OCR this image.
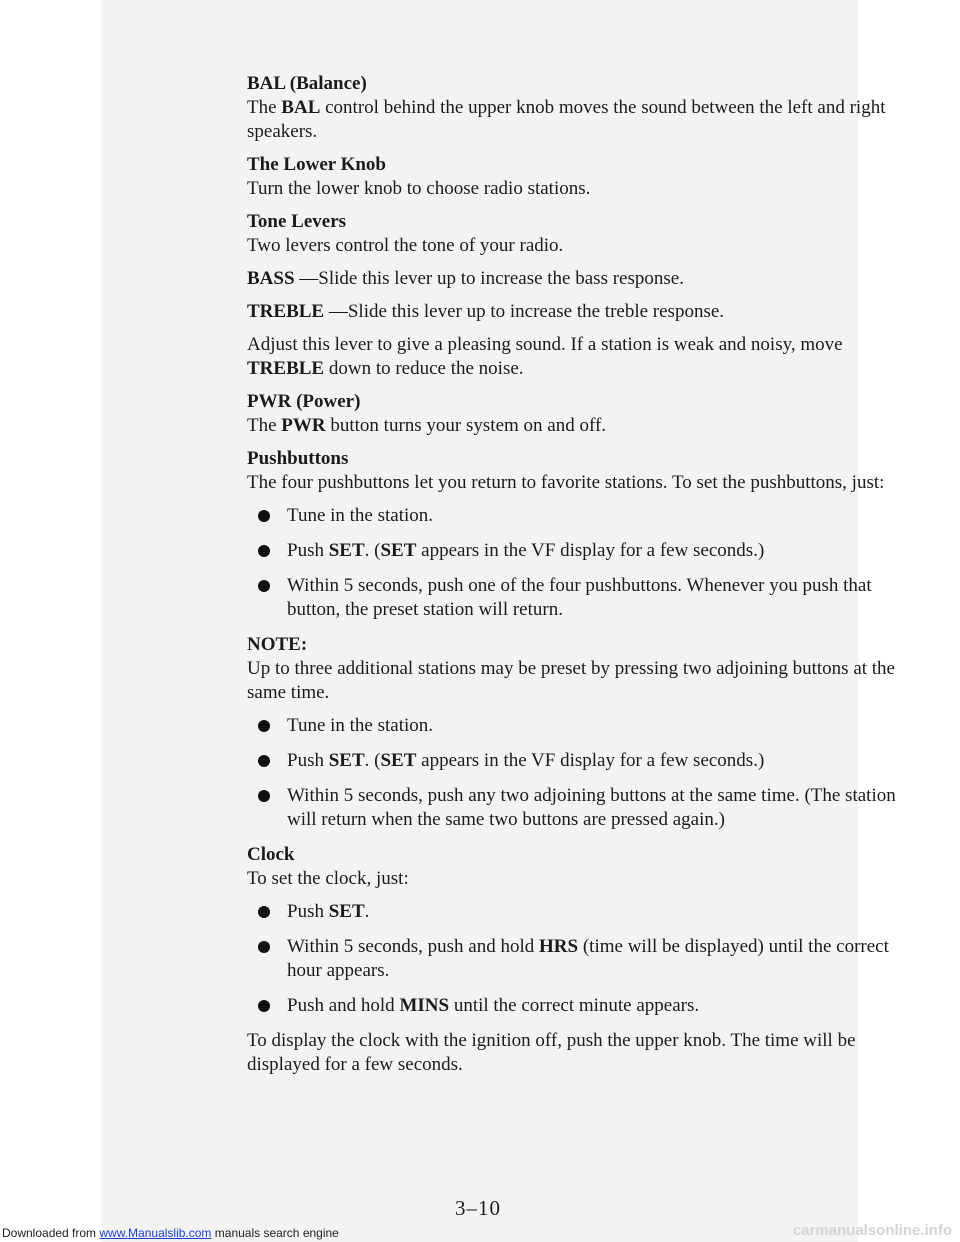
BAL (Balance)
The BAL control behind the upper knob moves the sound between the left and right speakers.
The Lower Knob
Turn the lower knob to choose radio stations.
Tone Levers
Two levers control the tone of your radio.
BASS —Slide this lever up to increase the bass response.
TREBLE —Slide this lever up to increase the treble response.
Adjust this lever to give a pleasing sound. If a station is weak and noisy, move TREBLE down to reduce the noise.
PWR (Power)
The PWR button turns your system on and off.
Pushbuttons
The four pushbuttons let you return to favorite stations. To set the pushbuttons, just:
Tune in the station.
Push SET. (SET appears in the VF display for a few seconds.)
Within 5 seconds, push one of the four pushbuttons. Whenever you push that button, the preset station will return.
NOTE:
Up to three additional stations may be preset by pressing two adjoining buttons at the same time.
Tune in the station.
Push SET. (SET appears in the VF display for a few seconds.)
Within 5 seconds, push any two adjoining buttons at the same time. (The station will return when the same two buttons are pressed again.)
Clock
To set the clock, just:
Push SET.
Within 5 seconds, push and hold HRS (time will be displayed) until the correct hour appears.
Push and hold MINS until the correct minute appears.
To display the clock with the ignition off, push the upper knob. The time will be displayed for a few seconds.
3–10
Downloaded from www.Manualslib.com manuals search engine	carmanualsonline.info
